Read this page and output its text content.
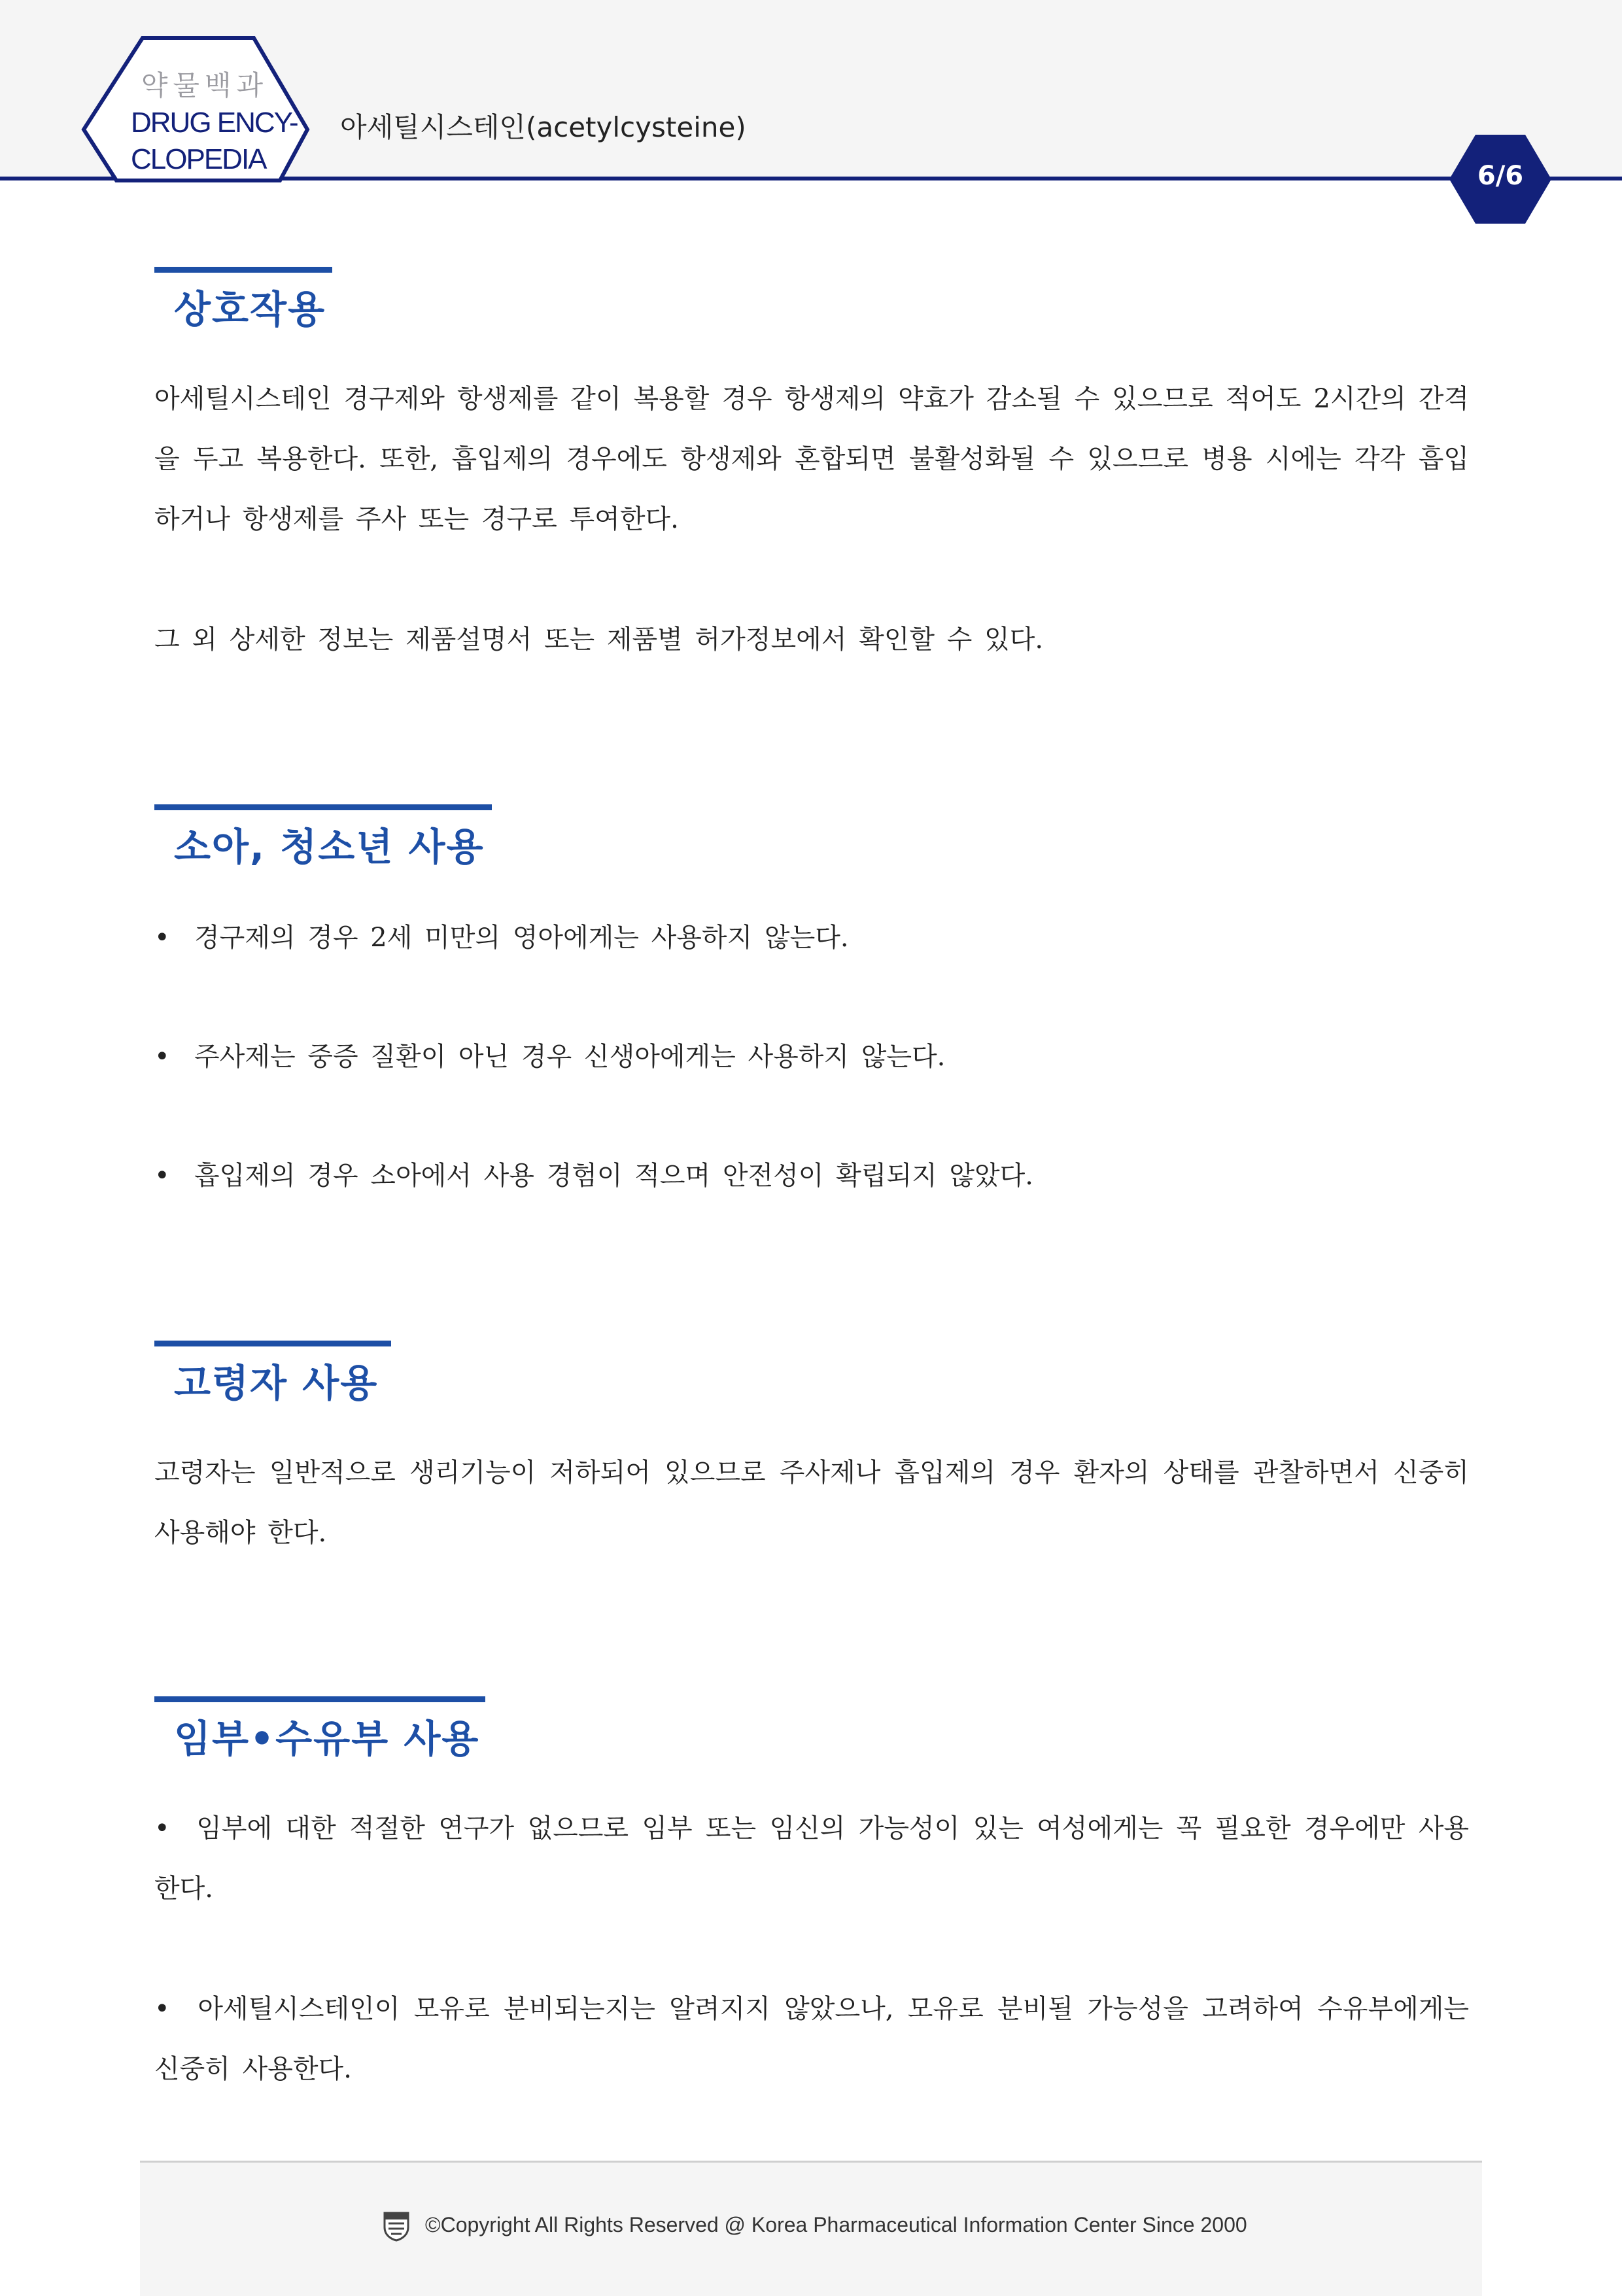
약물백과
DRUG ENCY-
CLOPEDIA
아세틸시스테인(acetylcysteine)
6/6
상호작용
아세틸시스테인 경구제와 항생제를 같이 복용할 경우 항생제의 약효가 감소될 수 있으므로 적어도 2시간의 간격을 두고 복용한다. 또한, 흡입제의 경우에도 항생제와 혼합되면 불활성화될 수 있으므로 병용 시에는 각각 흡입하거나 항생제를 주사 또는 경구로 투여한다.
그 외 상세한 정보는 제품설명서 또는 제품별 허가정보에서 확인할 수 있다.
소아, 청소년 사용
• 경구제의 경우 2세 미만의 영아에게는 사용하지 않는다.
• 주사제는 중증 질환이 아닌 경우 신생아에게는 사용하지 않는다.
• 흡입제의 경우 소아에서 사용 경험이 적으며 안전성이 확립되지 않았다.
고령자 사용
고령자는 일반적으로 생리기능이 저하되어 있으므로 주사제나 흡입제의 경우 환자의 상태를 관찰하면서 신중히 사용해야 한다.
임부•수유부 사용
• 임부에 대한 적절한 연구가 없으므로 임부 또는 임신의 가능성이 있는 여성에게는 꼭 필요한 경우에만 사용한다.
• 아세틸시스테인이 모유로 분비되는지는 알려지지 않았으나, 모유로 분비될 가능성을 고려하여 수유부에게는 신중히 사용한다.
©Copyright All Rights Reserved @ Korea Pharmaceutical Information Center Since 2000
